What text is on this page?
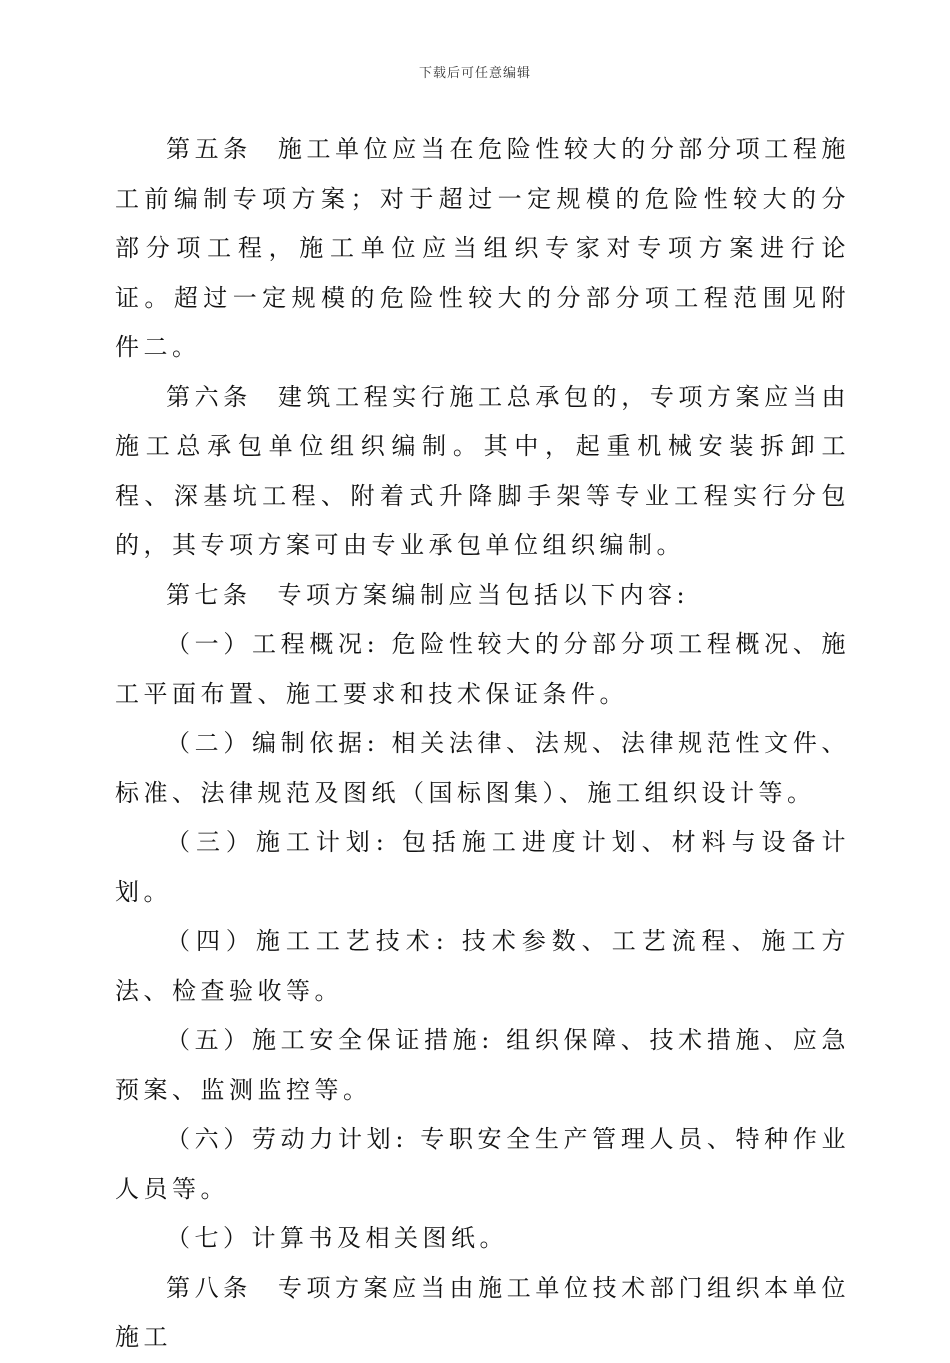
下载后可任意编辑

第五条 施工单位应当在危险性较大的分部分项工程施工前编制专项方案；对于超过一定规模的危险性较大的分部分项工程，施工单位应当组织专家对专项方案进行论证。超过一定规模的危险性较大的分部分项工程范围见附件二。

第六条 建筑工程实行施工总承包的，专项方案应当由施工总承包单位组织编制。其中，起重机械安装拆卸工程、深基坑工程、附着式升降脚手架等专业工程实行分包的，其专项方案可由专业承包单位组织编制。

第七条 专项方案编制应当包括以下内容:

（一）工程概况: 危险性较大的分部分项工程概况、施工平面布置、施工要求和技术保证条件。

（二）编制依据: 相关法律、法规、法律规范性文件、标准、法律规范及图纸（国标图集）、施工组织设计等。

（三）施工计划: 包括施工进度计划、材料与设备计划。

（四）施工工艺技术: 技术参数、工艺流程、施工方法、检查验收等。

（五）施工安全保证措施: 组织保障、技术措施、应急预案、监测监控等。

（六）劳动力计划: 专职安全生产管理人员、特种作业人员等。

（七）计算书及相关图纸。

第八条 专项方案应当由施工单位技术部门组织本单位施工
